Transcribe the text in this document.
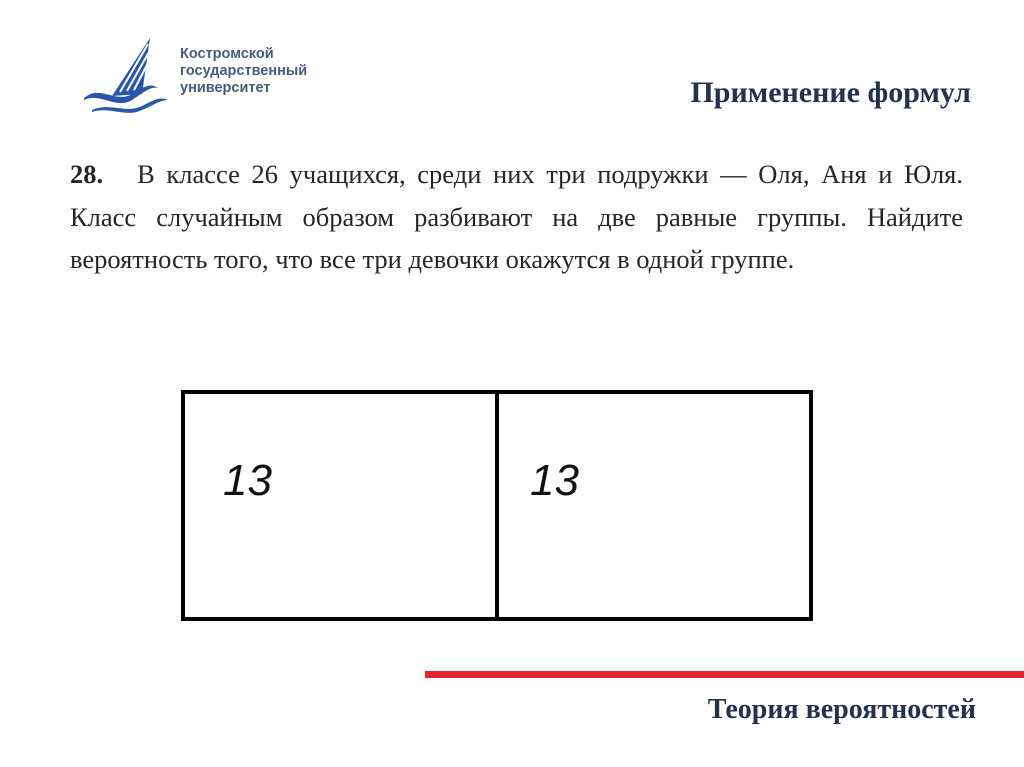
Костромской
государственный
университет	Применение формул
28. В классе 26 учащихся, среди них три подружки — Оля, Аня и Юля. Класс случайным образом разбивают на две равные группы. Найдите вероятность того, что все три девочки окажутся в одной группе.
13	13
Теория вероятностей
